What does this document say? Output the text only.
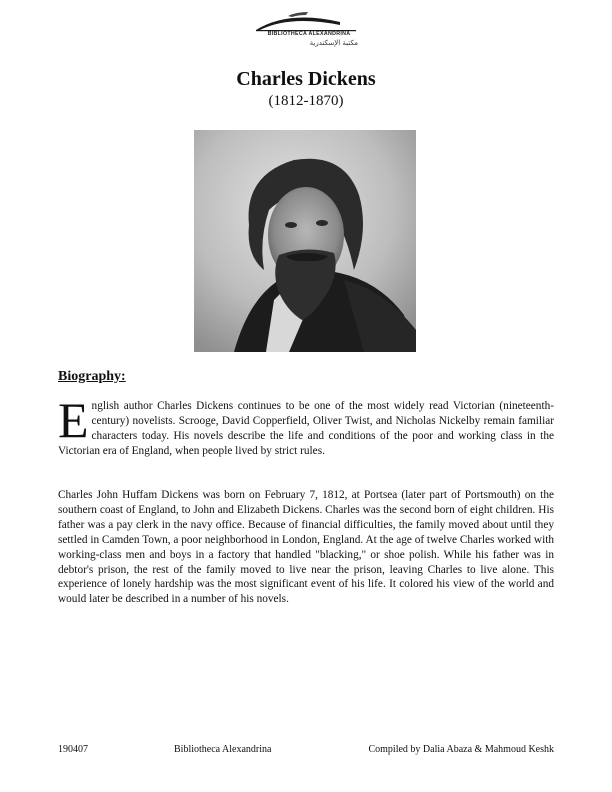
BIBLIOTHECA ALEXANDRINA
مكتبة الإسكندرية
Charles Dickens
(1812-1870)
Biography:
English author Charles Dickens continues to be one of the most widely read Victorian (nineteenth-century) novelists. Scrooge, David Copperfield, Oliver Twist, and Nicholas Nickelby remain familiar characters today. His novels describe the life and conditions of the poor and working class in the Victorian era of England, when people lived by strict rules.
Charles John Huffam Dickens was born on February 7, 1812, at Portsea (later part of Portsmouth) on the southern coast of England, to John and Elizabeth Dickens. Charles was the second born of eight children. His father was a pay clerk in the navy office. Because of financial difficulties, the family moved about until they settled in Camden Town, a poor neighborhood in London, England. At the age of twelve Charles worked with working-class men and boys in a factory that handled "blacking," or shoe polish. While his father was in debtor's prison, the rest of the family moved to live near the prison, leaving Charles to live alone. This experience of lonely hardship was the most significant event of his life. It colored his view of the world and would later be described in a number of his novels.
190407	Bibliotheca Alexandrina	Compiled by Dalia Abaza & Mahmoud Keshk
